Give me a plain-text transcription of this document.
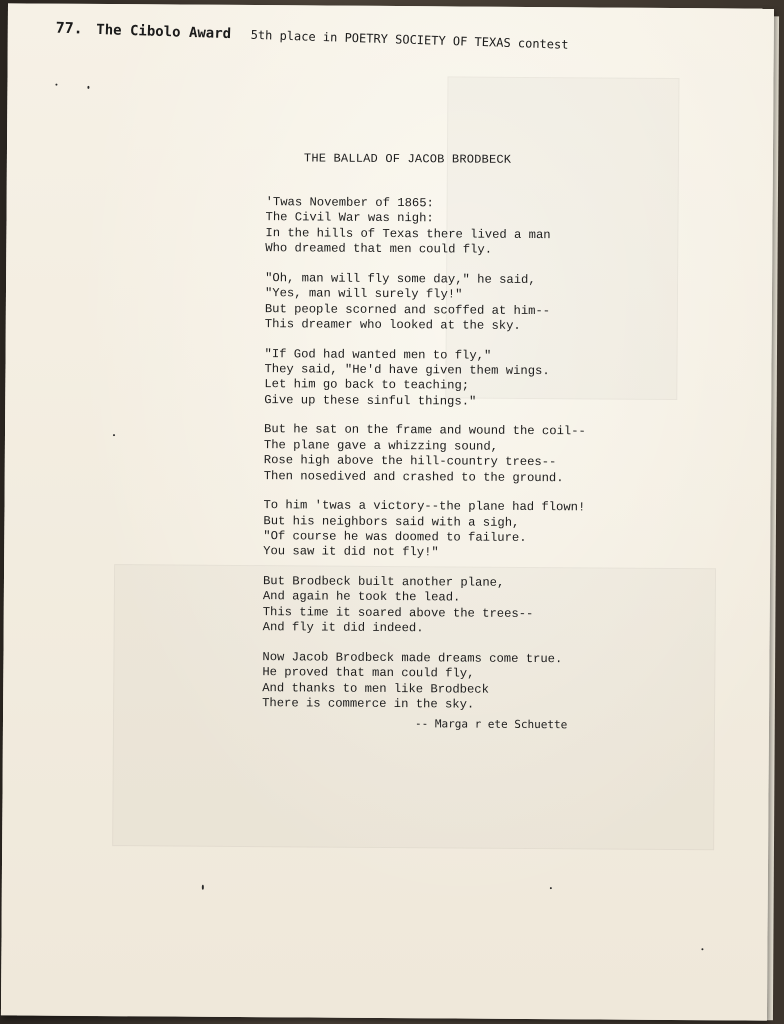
77. The Cibolo Award 5th place in POETRY SOCIETY OF TEXAS contest
THE BALLAD OF JACOB BRODBECK
'Twas November of 1865:
The Civil War was nigh:
In the hills of Texas there lived a man
Who dreamed that men could fly.
"Oh, man will fly some day," he said,
"Yes, man will surely fly!"
But people scorned and scoffed at him--
This dreamer who looked at the sky.
"If God had wanted men to fly,"
They said, "He'd have given them wings.
Let him go back to teaching;
Give up these sinful things."
But he sat on the frame and wound the coil--
The plane gave a whizzing sound,
Rose high above the hill-country trees--
Then nosedived and crashed to the ground.
To him 'twas a victory--the plane had flown!
But his neighbors said with a sigh,
"Of course he was doomed to failure.
You saw it did not fly!"
But Brodbeck built another plane,
And again he took the lead.
This time it soared above the trees--
And fly it did indeed.
Now Jacob Brodbeck made dreams come true.
He proved that man could fly,
And thanks to men like Brodbeck
There is commerce in the sky.
-- Marga r ete Schuette
